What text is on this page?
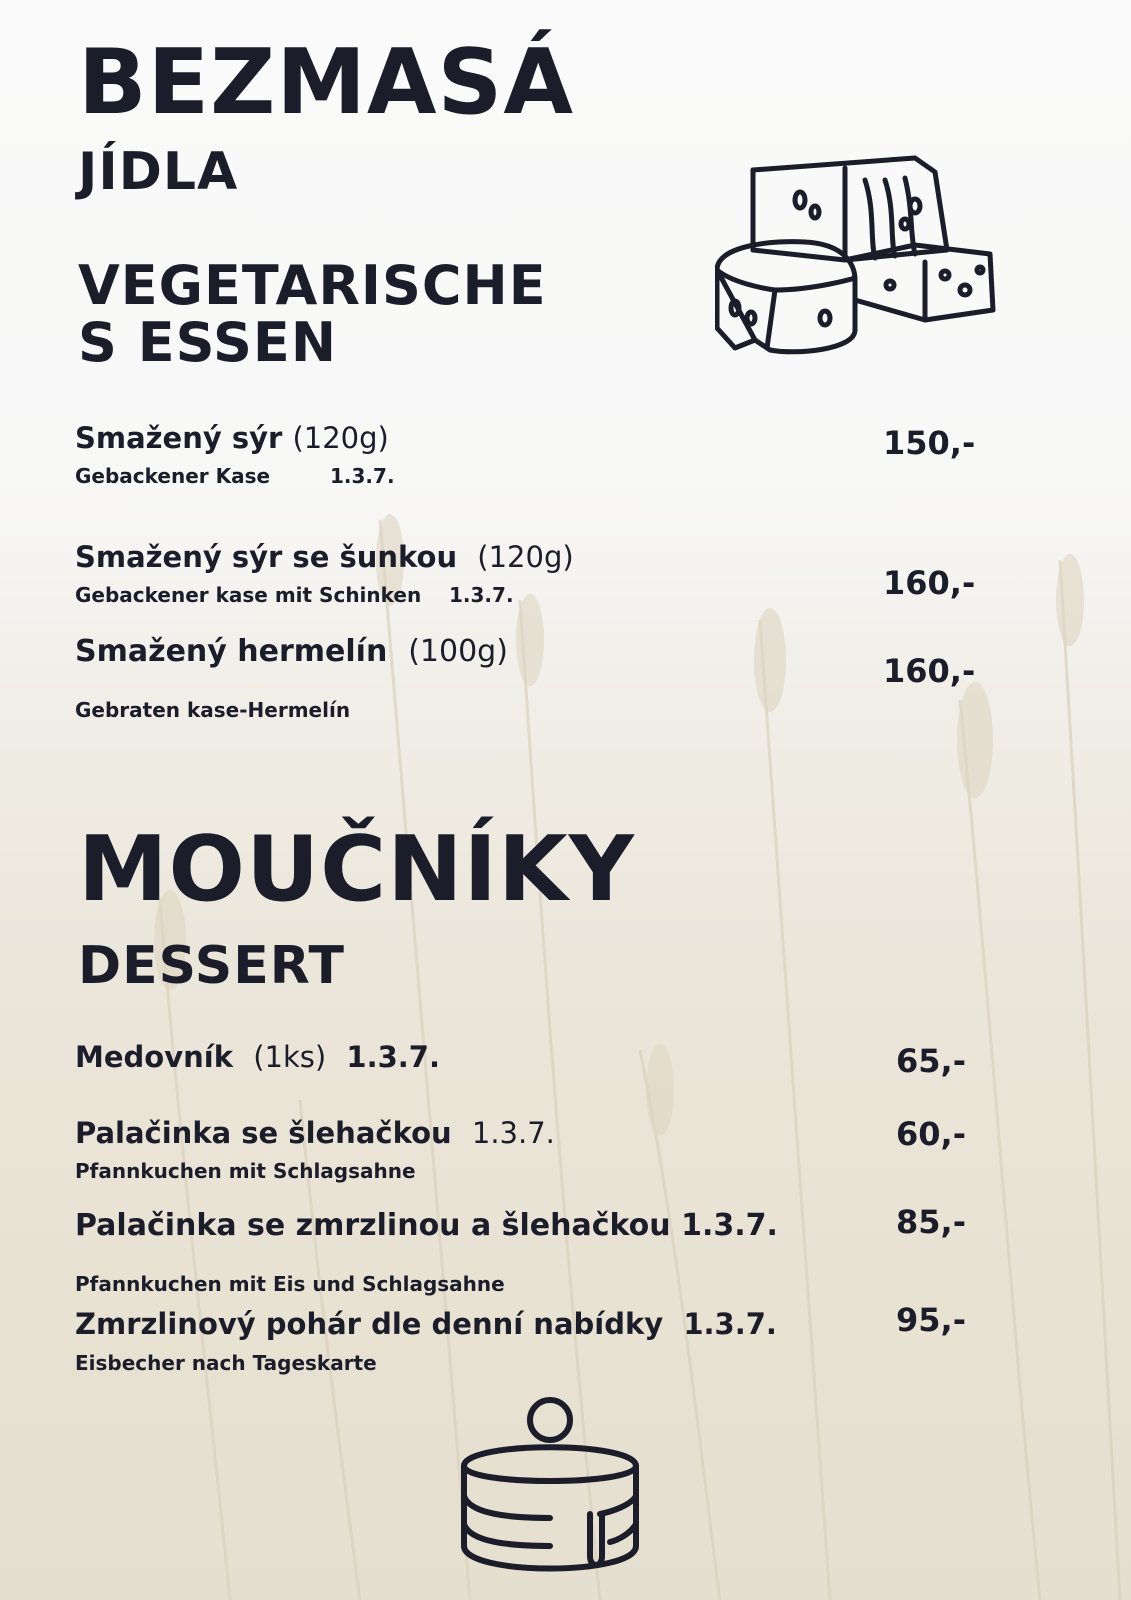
BEZMASÁ
JÍDLA
VEGETARISCHE
S ESSEN
Smažený sýr (120g)
Gebackener Kase	1.3.7.
150,-
Smažený sýr se šunkou (120g)
Gebackener kase mit Schinken 1.3.7.	160,-
Smažený hermelín (100g)
Gebraten kase-Hermelín
160,-
MOUČNÍKY
DESSERT
Medovník (1ks) 1.3.7.	65,-
Palačinka se šlehačkou 1.3.7.
Pfannkuchen mit Schlagsahne
60,-
Palačinka se zmrzlinou a šlehačkou 1.3.7.
Pfannkuchen mit Eis und Schlagsahne
85,-
Zmrzlinový pohár dle denní nabídky 1.3.7.
Eisbecher nach Tageskarte
95,-
